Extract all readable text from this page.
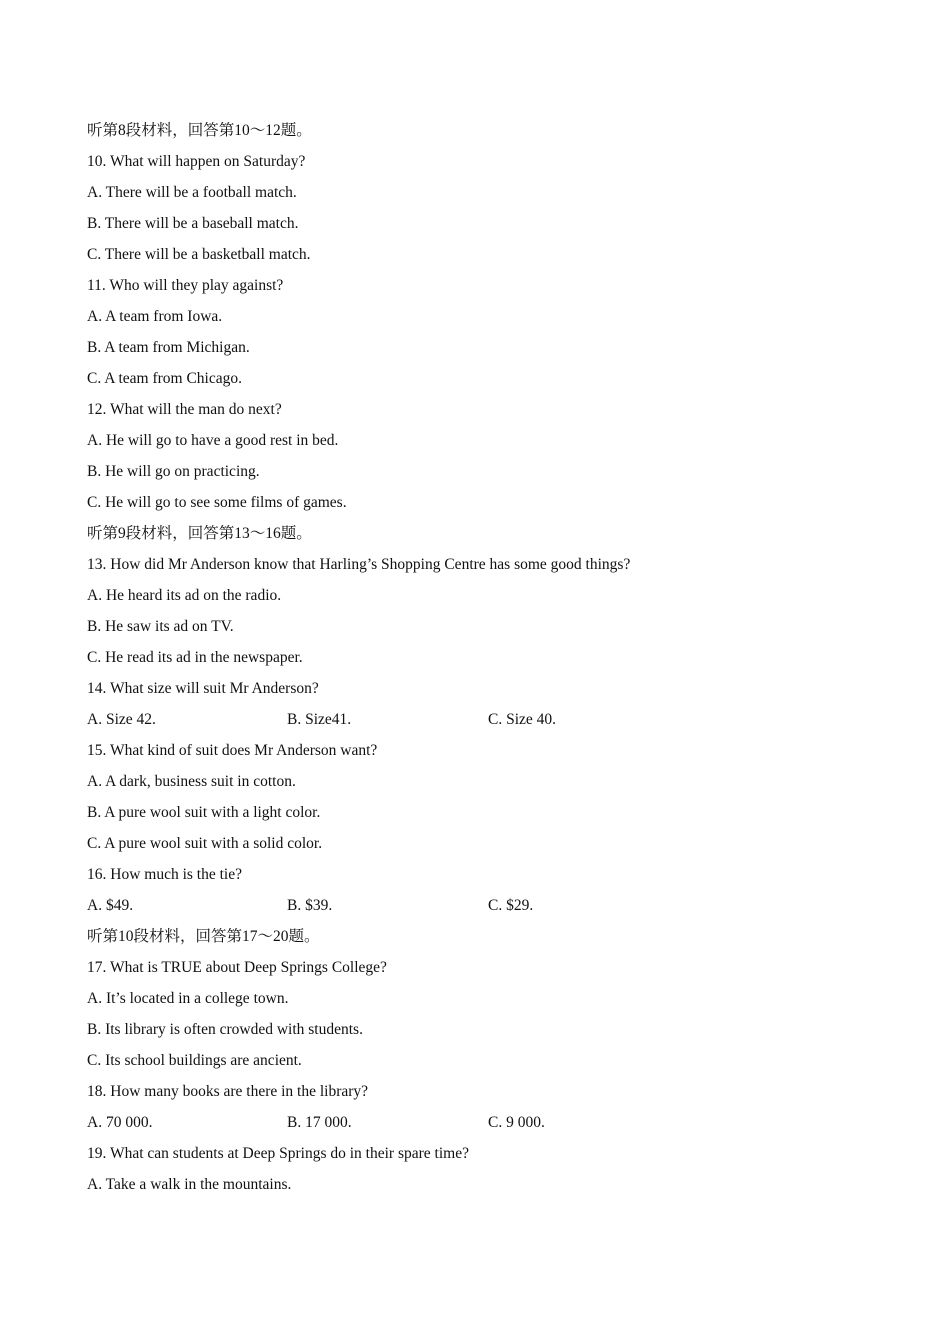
听第8段材料，回答第10～12题。
10. What will happen on Saturday?
A. There will be a football match.
B. There will be a baseball match.
C. There will be a basketball match.
11. Who will they play against?
A. A team from Iowa.
B. A team from Michigan.
C. A team from Chicago.
12. What will the man do next?
A. He will go to have a good rest in bed.
B. He will go on practicing.
C. He will go to see some films of games.
听第9段材料，回答第13～16题。
13. How did Mr Anderson know that Harling’s Shopping Centre has some good things?
A. He heard its ad on the radio.
B. He saw its ad on TV.
C. He read its ad in the newspaper.
14. What size will suit Mr Anderson?
A. Size 42.	B. Size41.	C. Size 40.
15. What kind of suit does Mr Anderson want?
A. A dark, business suit in cotton.
B. A pure wool suit with a light color.
C. A pure wool suit with a solid color.
16. How much is the tie?
A. $49.	B. $39.	C. $29.
听第10段材料，回答第17～20题。
17. What is TRUE about Deep Springs College?
A. It’s located in a college town.
B. Its library is often crowded with students.
C. Its school buildings are ancient.
18. How many books are there in the library?
A. 70 000.	B. 17 000.	C. 9 000.
19. What can students at Deep Springs do in their spare time?
A. Take a walk in the mountains.
